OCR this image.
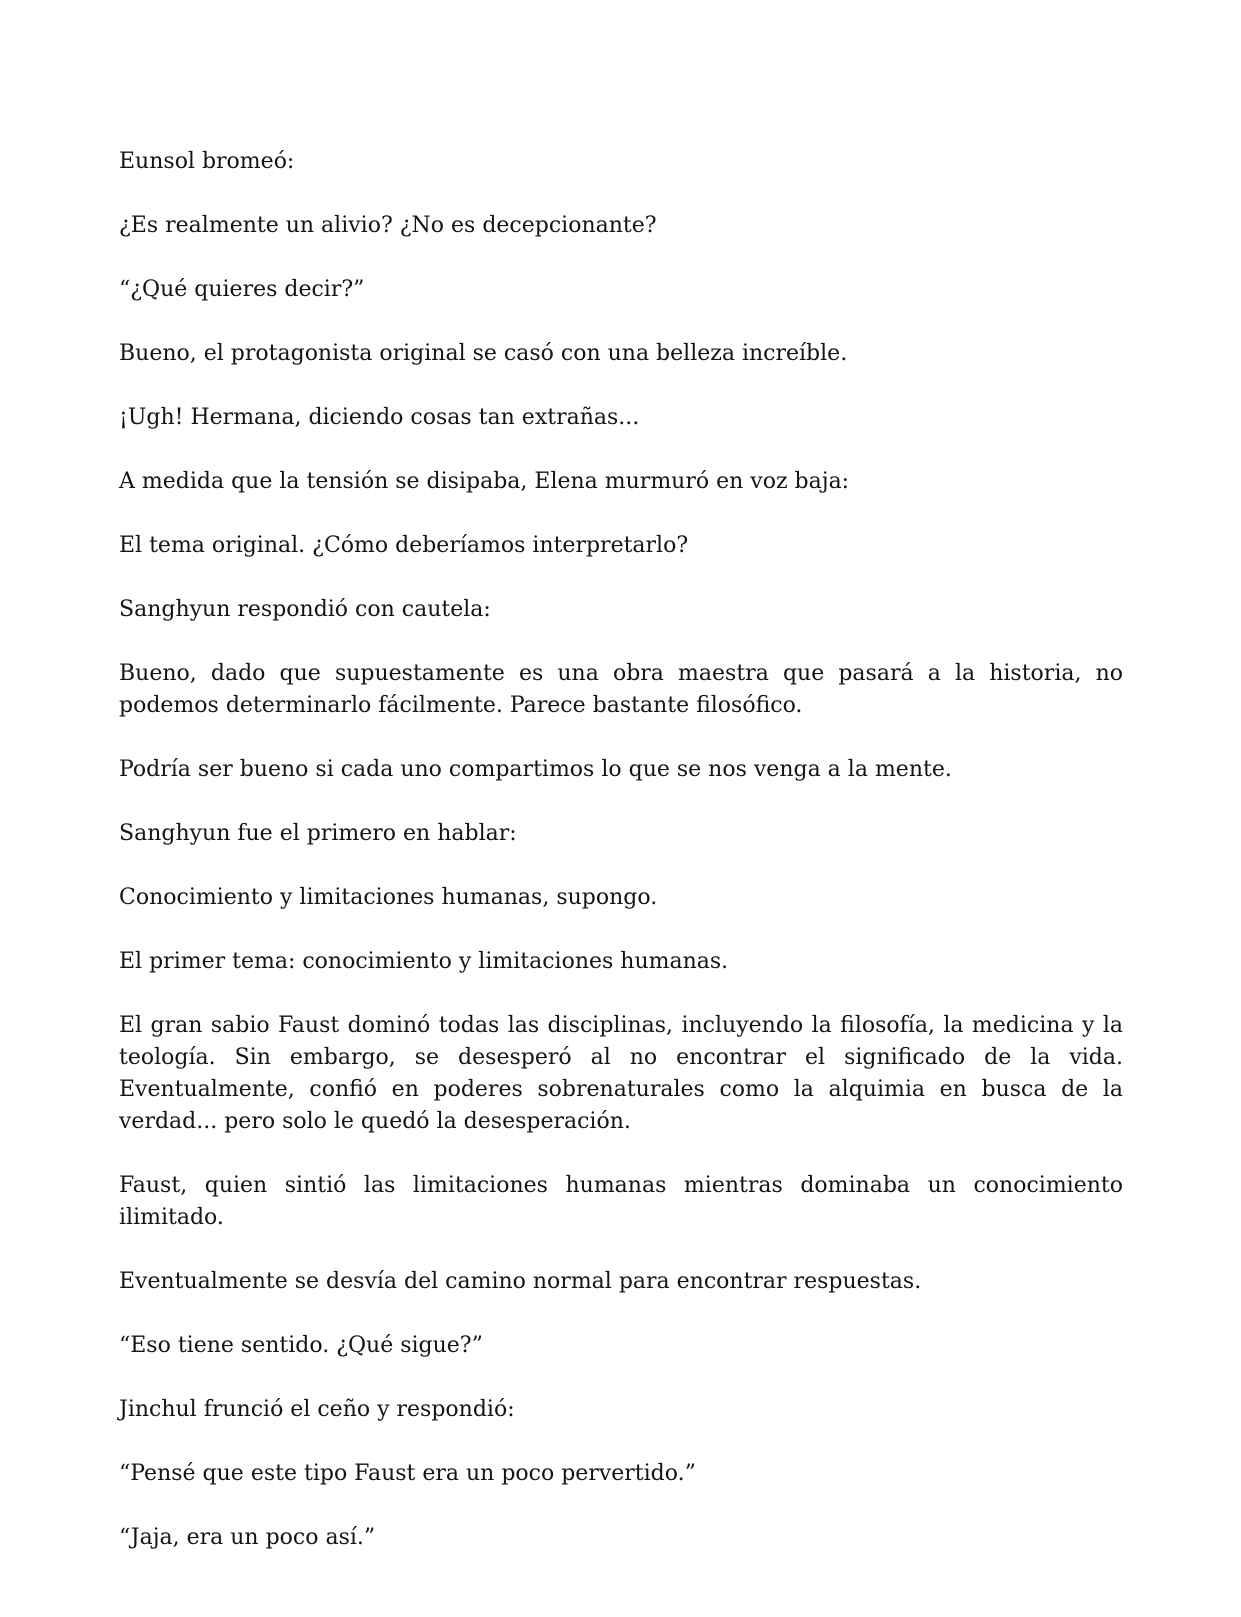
Eunsol bromeó:

¿Es realmente un alivio? ¿No es decepcionante?

“¿Qué quieres decir?”

Bueno, el protagonista original se casó con una belleza increíble.

¡Ugh! Hermana, diciendo cosas tan extrañas...

A medida que la tensión se disipaba, Elena murmuró en voz baja:

El tema original. ¿Cómo deberíamos interpretarlo?

Sanghyun respondió con cautela:

Bueno, dado que supuestamente es una obra maestra que pasará a la historia, no podemos determinarlo fácilmente. Parece bastante filosófico.

Podría ser bueno si cada uno compartimos lo que se nos venga a la mente.

Sanghyun fue el primero en hablar:

Conocimiento y limitaciones humanas, supongo.

El primer tema: conocimiento y limitaciones humanas.

El gran sabio Faust dominó todas las disciplinas, incluyendo la filosofía, la medicina y la teología. Sin embargo, se desesperó al no encontrar el significado de la vida. Eventualmente, confió en poderes sobrenaturales como la alquimia en busca de la verdad... pero solo le quedó la desesperación.

Faust, quien sintió las limitaciones humanas mientras dominaba un conocimiento ilimitado.

Eventualmente se desvía del camino normal para encontrar respuestas.

“Eso tiene sentido. ¿Qué sigue?”

Jinchul frunció el ceño y respondió:

“Pensé que este tipo Faust era un poco pervertido.”

“Jaja, era un poco así.”
